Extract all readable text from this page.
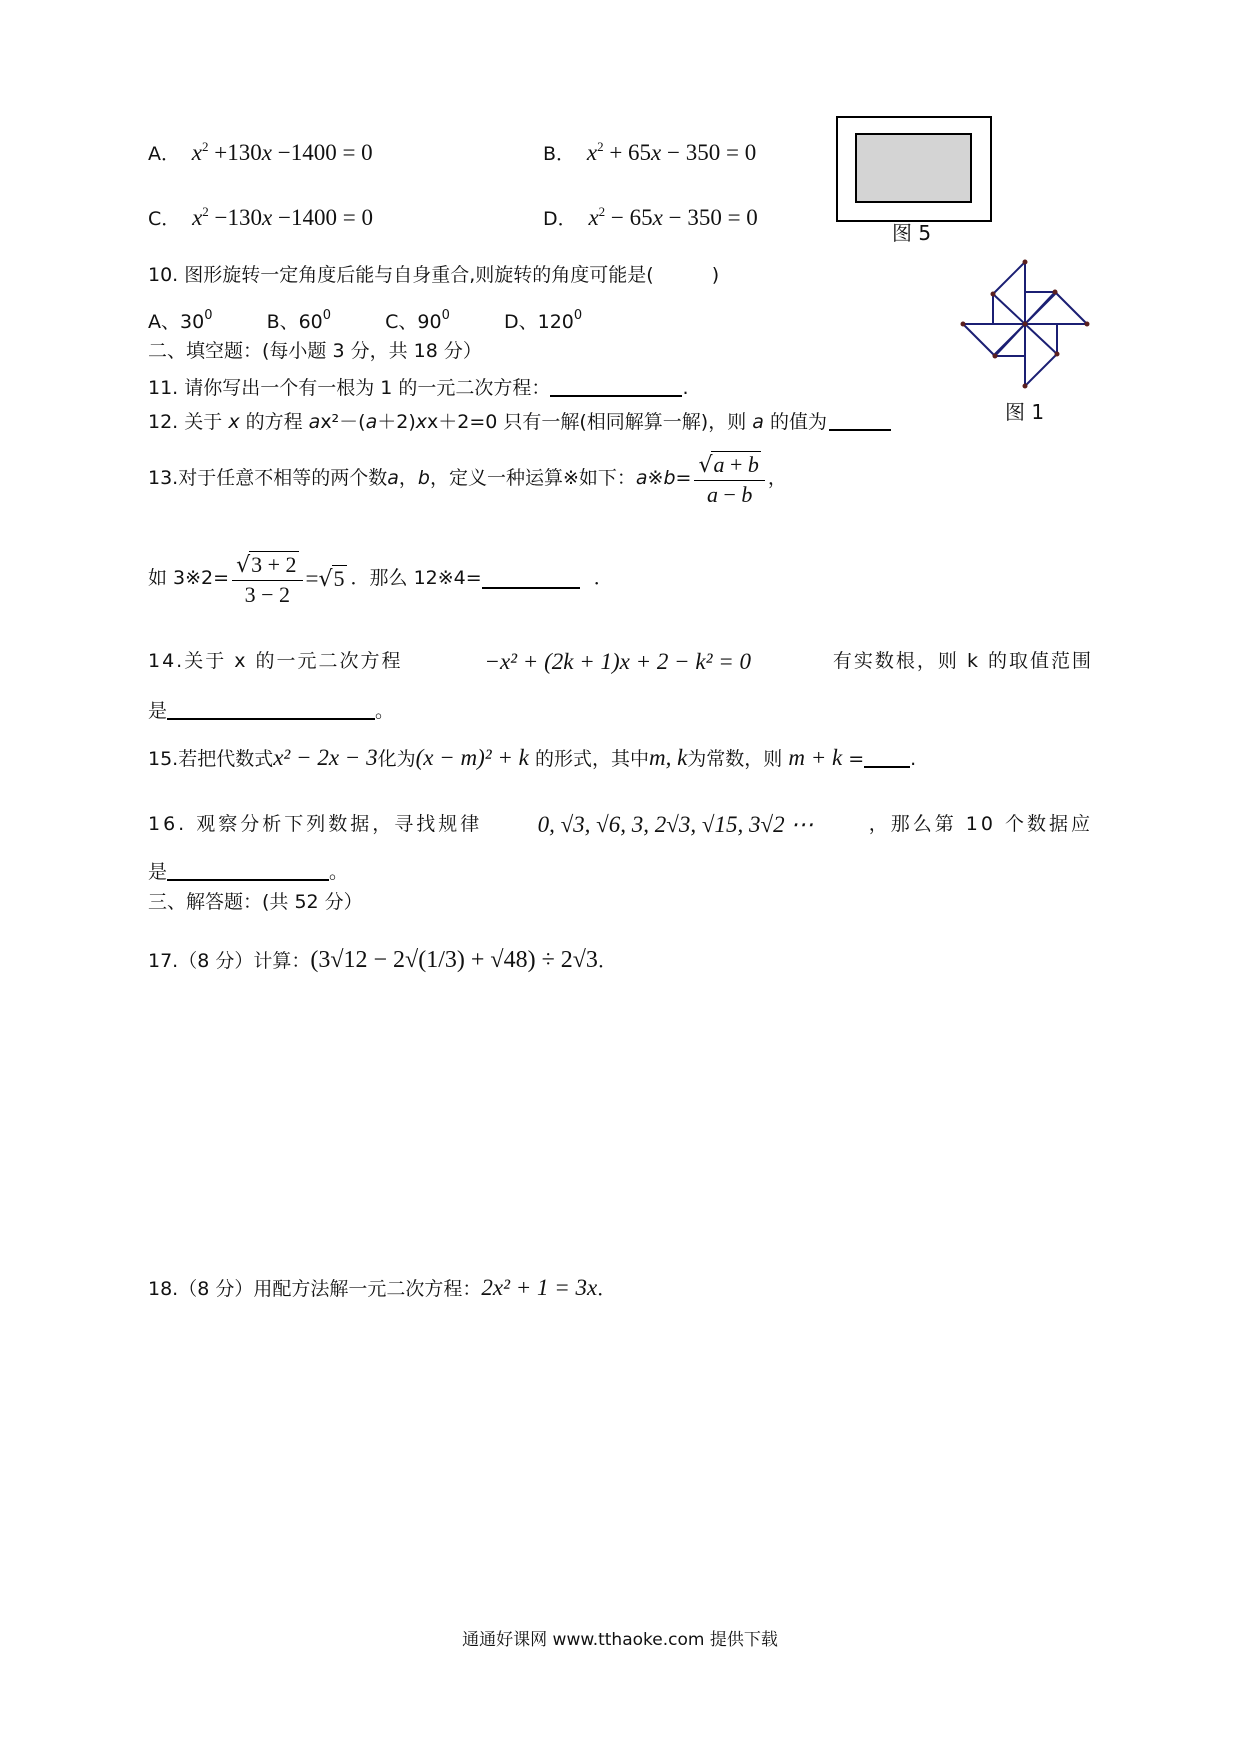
A． $x^2 +130x -1400 = 0$	B． $x^2 + 65x - 350 = 0$
C． $x^2 -130x -1400 = 0$	D． $x^2 - 65x - 350 = 0$
图 5
10. 图形旋转一定角度后能与自身重合,则旋转的角度可能是(	)
A、$30^0$	B、$60^0$	C、$90^0$	D、$120^0$
图 1
二、填空题：(每小题 3 分，共 18 分）
11. 请你写出一个有一根为 1 的一元二次方程：	.
12. 关于 x 的方程 ax²－(a＋2)xx＋2=0 只有一解(相同解算一解)，则 a 的值为
13.对于任意不相等的两个数 a ， b ，定义一种运算※如下： a ※ $b = \frac{√a + b}{a - b}$ ，
如 3※2= $\frac{√3 + 2}{3 - 2} = √5$ ．那么 12※4=	．
14.关于 x 的一元二次方程	−x² + (2k + 1)x + 2 − k² = 0	有实数根，则 k 的取值范围
是	。
15.若把代数式x² − 2x − 3化为(x − m)² + k 的形式，其中m, k为常数，则 m + k = .
16. 观察分析下列数据，寻找规律 0, √3, √6, 3, 2√3, √15, 3√2 ⋯	，那么第 10 个数据应
是	。
三、解答题：(共 52 分）
17.（8 分）计算：(3√12 − 2√(1/3) + √48) ÷ 2√3．
18.（8 分）用配方法解一元二次方程：2x² + 1 = 3x．
通通好课网 www.tthaoke.com 提供下载
